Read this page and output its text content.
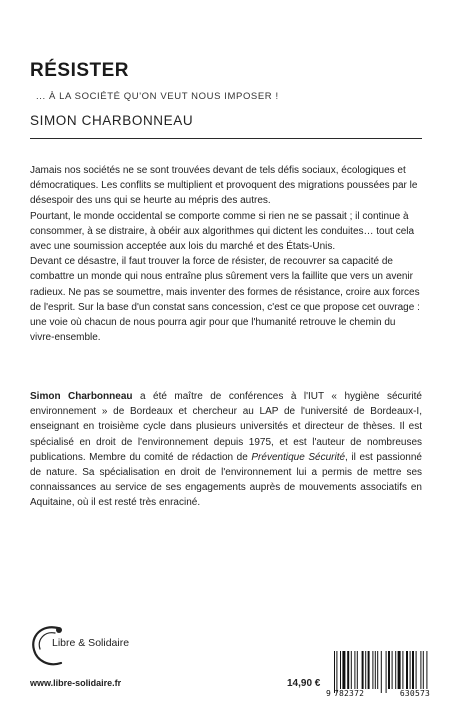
RÉSISTER

... À LA SOCIÉTÉ QU'ON VEUT NOUS IMPOSER !

SIMON CHARBONNEAU

Jamais nos sociétés ne se sont trouvées devant de tels défis sociaux, écologiques et démocratiques. Les conflits se multiplient et provoquent des migrations poussées par le désespoir des uns qui se heurte au mépris des autres.

Pourtant, le monde occidental se comporte comme si rien ne se passait ; il continue à consommer, à se distraire, à obéir aux algorithmes qui dictent les conduites… tout cela avec une soumission acceptée aux lois du marché et des États-Unis.

Devant ce désastre, il faut trouver la force de résister, de recouvrer sa capacité de combattre un monde qui nous entraîne plus sûrement vers la faillite que vers un avenir radieux. Ne pas se soumettre, mais inventer des formes de résistance, croire aux forces de l'esprit. Sur la base d'un constat sans concession, c'est ce que propose cet ouvrage : une voie où chacun de nous pourra agir pour que l'humanité retrouve le chemin du vivre-ensemble.

Simon Charbonneau a été maître de conférences à l'IUT « hygiène sécurité environnement » de Bordeaux et chercheur au LAP de l'université de Bordeaux-I, enseignant en troisième cycle dans plusieurs universités et directeur de thèses. Il est spécialisé en droit de l'environnement depuis 1975, et est l'auteur de nombreuses publications. Membre du comité de rédaction de Préventique Sécurité, il est passionné de nature. Sa spécialisation en droit de l'environnement lui a permis de mettre ses connaissances au service de ses engagements auprès de mouvements associatifs en Aquitaine, où il est resté très enraciné.

Libre & Solidaire
www.libre-solidaire.fr	14,90 €
9 782372	630573
